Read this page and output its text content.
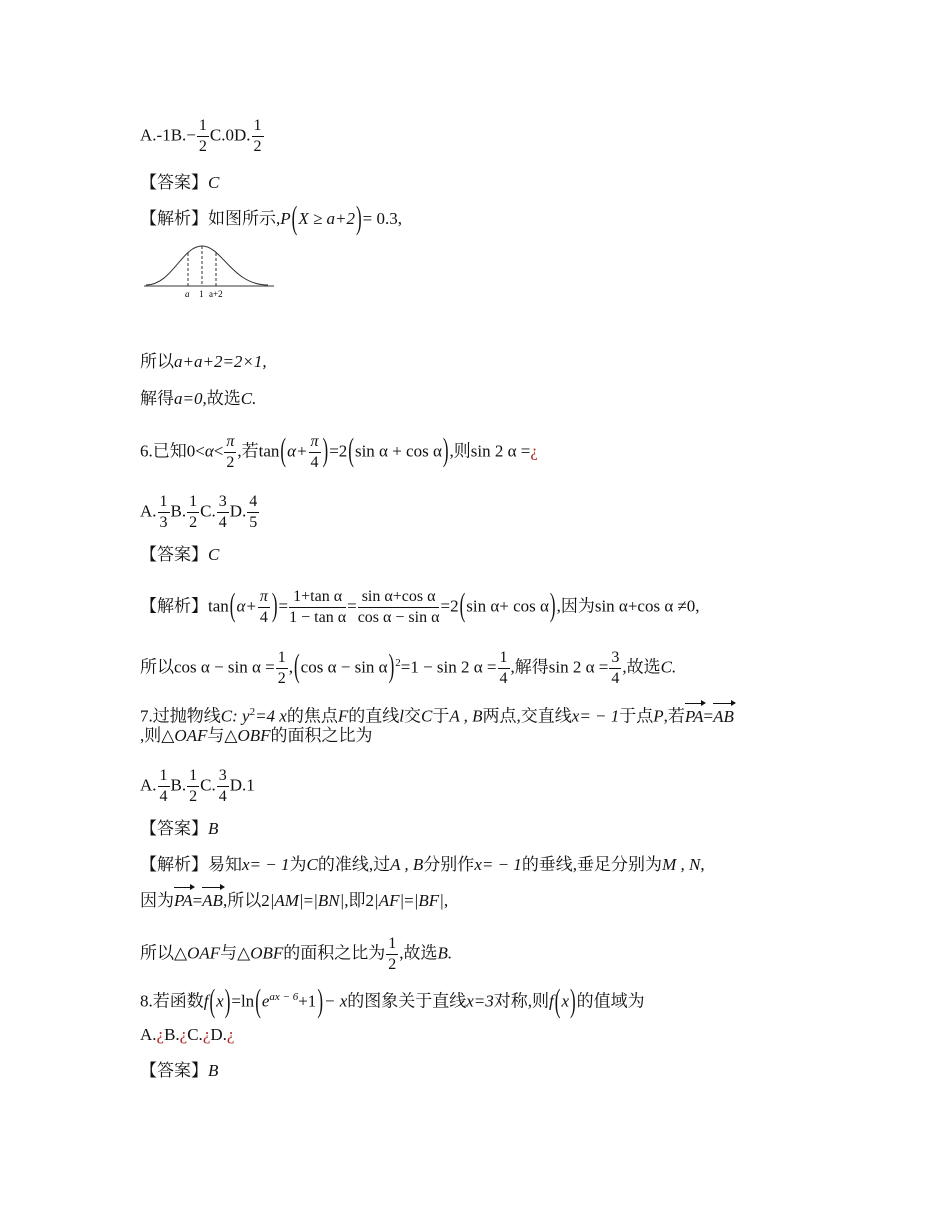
$A.-1B.- \frac{1}{2} C.0D$. $\frac{1}{2}$
【答案】C
【解析】如图所示,P(X ≥ a+2)= 0.3,
a 1 a+2
所以a+a+2=2×1,
解得a=0,故选C.
6.已知$0<\alpha< \frac{\pi}{2}$ ,若$\tan(\alpha+ \frac{\pi}{4} )=2(\sin$ α + cos α),则sin 2 α =¿
A. $\frac{1}{3} B$. $\frac{1}{2} C$. $\frac{3}{4} D$. $\frac{4}{5}$
【答案】C
【解析】$\tan(\alpha+ \frac{\pi}{4}$ )= $\frac{\text{1+tan α}}{\text{1 − tan α}} = \frac{\text{sin α+cos α}}{\text{cos α − sin α}} =2(\sin$ α+ cos α),因为sin α+cos α ≠0,
所以$\cos \alpha - \sin \alpha = \frac{1}{2} ,(\cos$ α − sin α)$^2$=1 − sin 2 $\alpha = \frac{1}{4}$ ,解得sin 2 $\alpha = \frac{3}{4}$ ,故选C.
7.过抛物线C: $y^2=4$ x的焦点F的直线l交C于A , B两点,交直线x= − 1于点P,若PA=AB
,则△OAF与△OBF的面积之比为
A. $\frac{1}{4} B$. $\frac{1}{2} C$. $\frac{3}{4} D.1$
【答案】B
【解析】易知x= − 1为C的准线,过A , B分别作x= − 1的垂线,垂足分别为M , N,
因为PA=AB,所以2|AM|=|BN|,即2|AF|=|BF|,
所以△OAF与△OBF的面积之比为 $\frac{1}{2}$ ,故选B.
8.若函数$f(x)=\ln(e^{ax - 6}+1)- x$的图象关于直线x=3对称,则f(x)的值域为
A.¿B.¿C.¿D.¿
【答案】B
